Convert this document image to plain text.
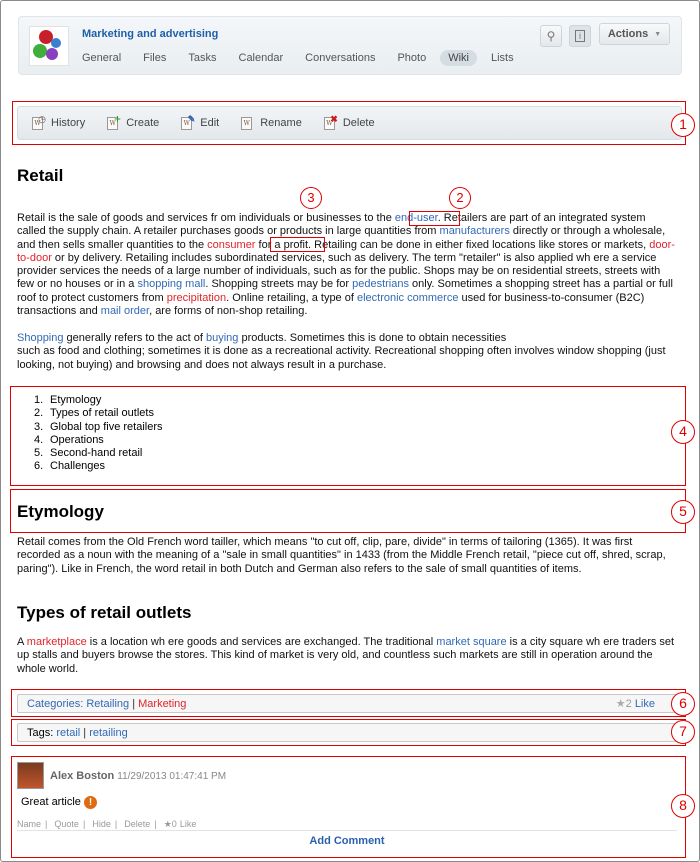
Marketing and advertising
General	Files	Tasks	Calendar	Conversations	Photo	Wiki	Lists
⚲	i	Actions ▼
W
◷ History	W
+ Create	W
✎ Edit	W Rename	W
✖ Delete
Retail
Retail is the sale of goods and services fr om individuals or businesses to the end-user. Retailers are part of an integrated system called the supply chain. A retailer purchases goods or products in large quantities from manufacturers directly or through a wholesale, and then sells smaller quantities to the consumer for a profit. Retailing can be done in either fixed locations like stores or markets, door-to-door or by delivery. Retailing includes subordinated services, such as delivery. The term "retailer" is also applied wh ere a service provider services the needs of a large number of individuals, such as for the public. Shops may be on residential streets, streets with few or no houses or in a shopping mall. Shopping streets may be for pedestrians only. Sometimes a shopping street has a partial or full roof to protect customers from precipitation. Online retailing, a type of electronic commerce used for business-to-consumer (B2C) transactions and mail order, are forms of non-shop retailing.
Shopping generally refers to the act of buying products. Sometimes this is done to obtain necessities
such as food and clothing; sometimes it is done as a recreational activity. Recreational shopping often involves window shopping (just looking, not buying) and browsing and does not always result in a purchase.
1. Etymology
2. Types of retail outlets
3. Global top five retailers
4. Operations
5. Second-hand retail
6. Challenges
Etymology
Retail comes from the Old French word tailler, which means "to cut off, clip, pare, divide" in terms of tailoring (1365). It was first recorded as a noun with the meaning of a "sale in small quantities" in 1433 (from the Middle French retail, "piece cut off, shred, scrap, paring"). Like in French, the word retail in both Dutch and German also refers to the sale of small quantities of items.
Types of retail outlets
A marketplace is a location wh ere goods and services are exchanged. The traditional market square is a city square wh ere traders set up stalls and buyers browse the stores. This kind of market is very old, and countless such markets are still in operation around the whole world.
Categories: Retailing | Marketing	★2 Like
Tags: retail | retailing
Alex Boston 11/29/2013 01:47:41 PM
Great article !
Name | Quote | Hide | Delete | ★0 Like
Add Comment
1
2
3
4
5
6
7
8
